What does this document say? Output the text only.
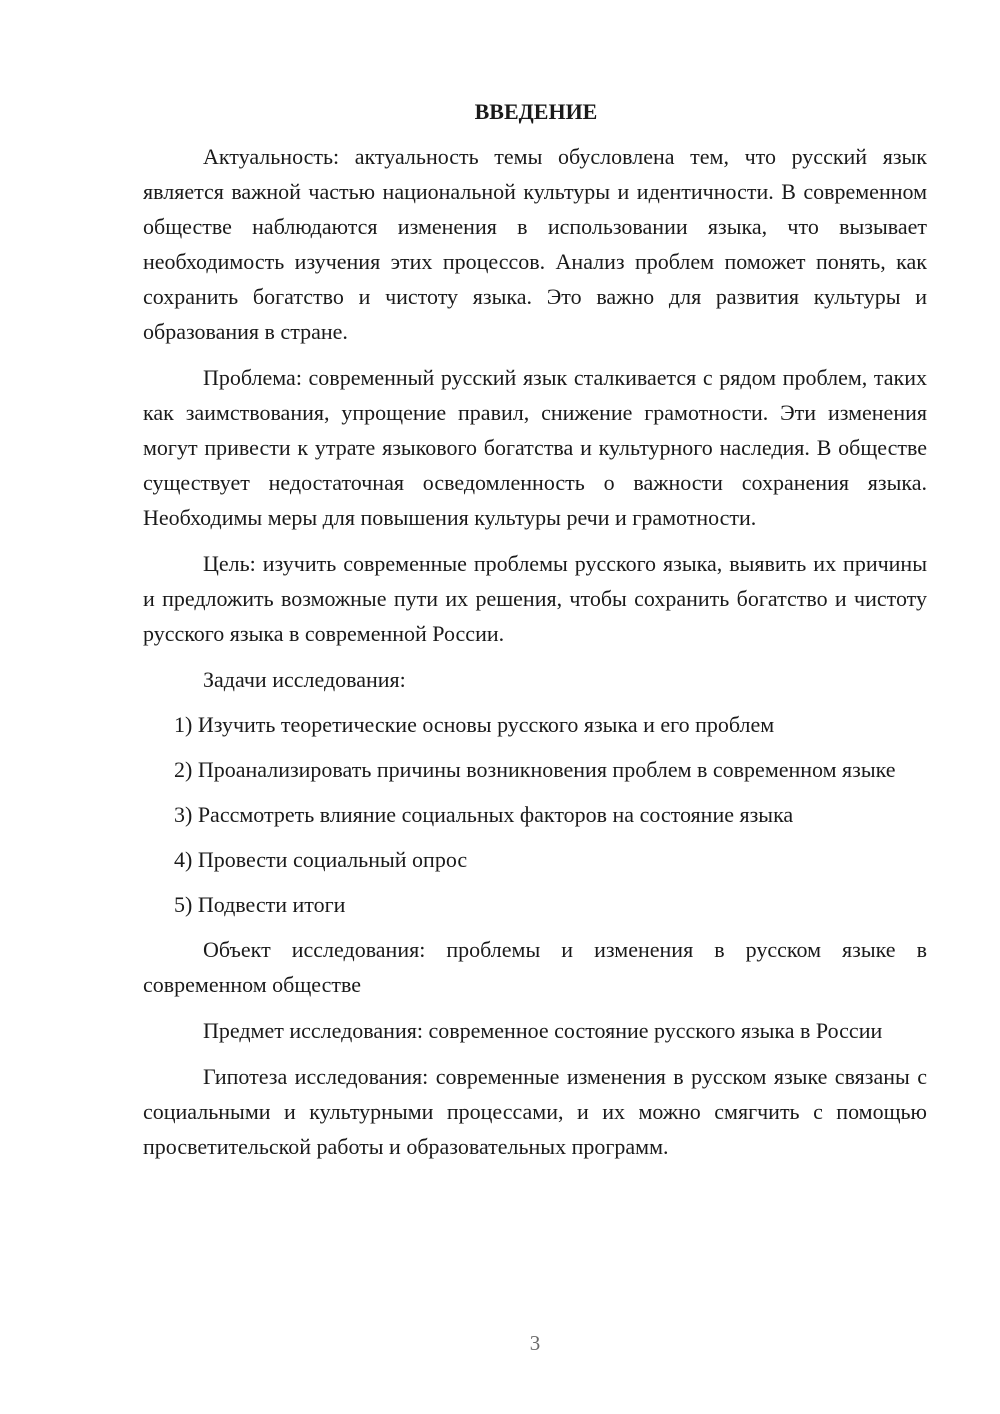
ВВЕДЕНИЕ

Актуальность: актуальность темы обусловлена тем, что русский язык является важной частью национальной культуры и идентичности. В современном обществе наблюдаются изменения в использовании языка, что вызывает необходимость изучения этих процессов. Анализ проблем поможет понять, как сохранить богатство и чистоту языка. Это важно для развития культуры и образования в стране.

Проблема: современный русский язык сталкивается с рядом проблем, таких как заимствования, упрощение правил, снижение грамотности. Эти изменения могут привести к утрате языкового богатства и культурного наследия. В обществе существует недостаточная осведомленность о важности сохранения языка. Необходимы меры для повышения культуры речи и грамотности.

Цель: изучить современные проблемы русского языка, выявить их причины и предложить возможные пути их решения, чтобы сохранить богатство и чистоту русского языка в современной России.

Задачи исследования:

1) Изучить теоретические основы русского языка и его проблем

2) Проанализировать причины возникновения проблем в современном языке

3) Рассмотреть влияние социальных факторов на состояние языка

4) Провести социальный опрос

5) Подвести итоги

Объект исследования: проблемы и изменения в русском языке в современном обществе

Предмет исследования: современное состояние русского языка в России

Гипотеза исследования: современные изменения в русском языке связаны с социальными и культурными процессами, и их можно смягчить с помощью просветительской работы и образовательных программ.

3
